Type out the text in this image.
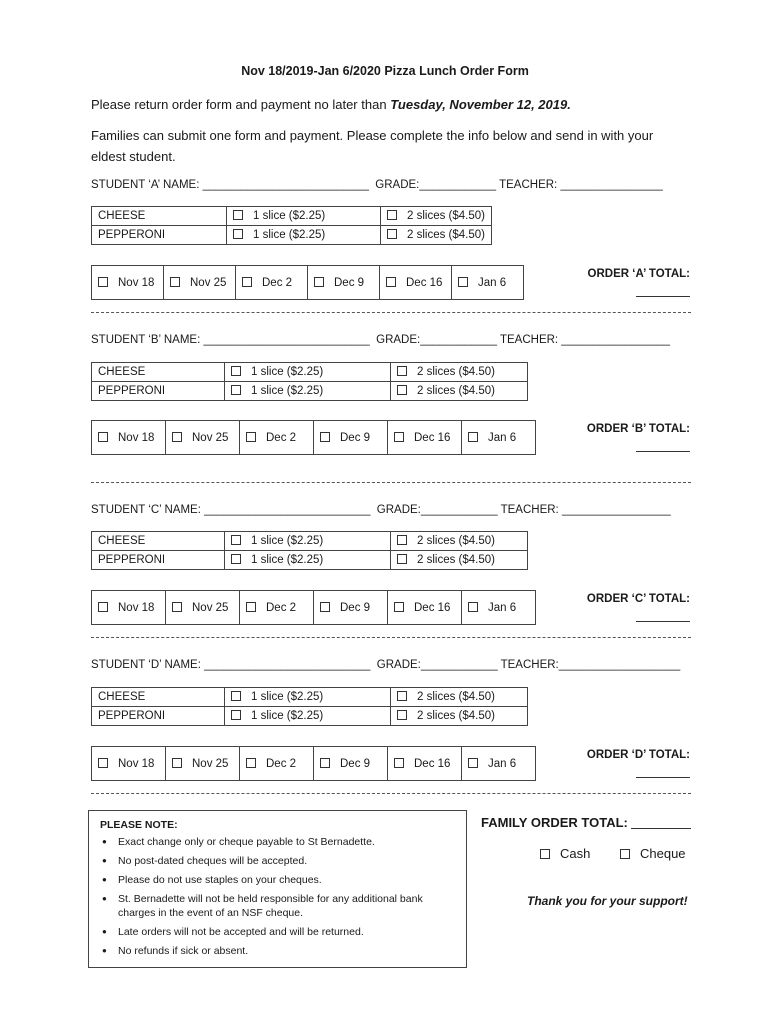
Nov 18/2019-Jan 6/2020 Pizza Lunch Order Form
Please return order form and payment no later than Tuesday, November 12, 2019.
Families can submit one form and payment. Please complete the info below and send in with your eldest student.
STUDENT ‘A’ NAME: __________________________  GRADE:____________ TEACHER: ________________
CHEESE	1 slice ($2.25)	2 slices ($4.50)
PEPPERONI	1 slice ($2.25)	2 slices ($4.50)
Nov 18	Nov 25	Dec 2	Dec 9	Dec 16	Jan 6
ORDER ‘A’ TOTAL:
STUDENT ‘B’ NAME: __________________________  GRADE:____________ TEACHER: _________________
CHEESE	1 slice ($2.25)	2 slices ($4.50)
PEPPERONI	1 slice ($2.25)	2 slices ($4.50)
Nov 18	Nov 25	Dec 2	Dec 9	Dec 16	Jan 6
ORDER ‘B’ TOTAL:
STUDENT ‘C’ NAME: __________________________  GRADE:____________ TEACHER: _________________
CHEESE	1 slice ($2.25)	2 slices ($4.50)
PEPPERONI	1 slice ($2.25)	2 slices ($4.50)
Nov 18	Nov 25	Dec 2	Dec 9	Dec 16	Jan 6
ORDER ‘C’ TOTAL:
STUDENT ‘D’ NAME: __________________________  GRADE:____________ TEACHER:___________________
CHEESE	1 slice ($2.25)	2 slices ($4.50)
PEPPERONI	1 slice ($2.25)	2 slices ($4.50)
Nov 18	Nov 25	Dec 2	Dec 9	Dec 16	Jan 6
ORDER ‘D’ TOTAL:
PLEASE NOTE:
● Exact change only or cheque payable to St Bernadette.
● No post-dated cheques will be accepted.
● Please do not use staples on your cheques.
● St. Bernadette will not be held responsible for any additional bank charges in the event of an NSF cheque.
● Late orders will not be accepted and will be returned.
● No refunds if sick or absent.
FAMILY ORDER TOTAL:
Cash	Cheque
Thank you for your support!
